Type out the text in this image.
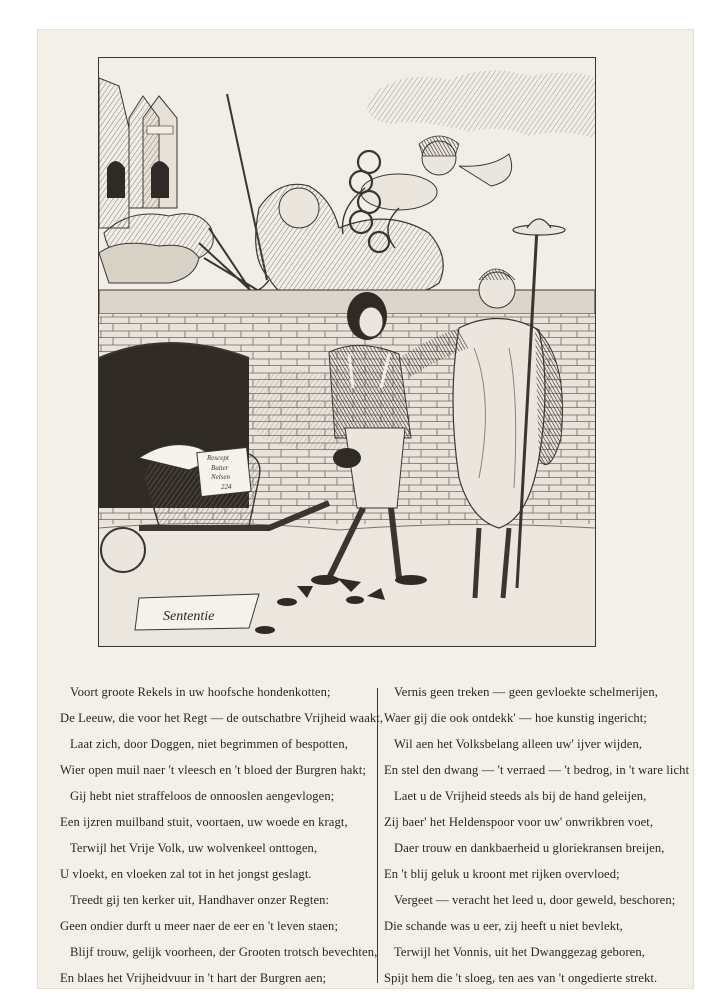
Rescept
Butter
Nelsen
224
Sententie
Voort groote Rekels in uw hoofsche hondenkotten;
De Leeuw, die voor het Regt — de outschatbre Vrijheid waakt,
Laat zich, door Doggen, niet begrimmen of bespotten,
Wier open muil naer 't vleesch en 't bloed der Burgren hakt;
Gij hebt niet straffeloos de onnooslen aengevlogen;
Een ijzren muilband stuit, voortaen, uw woede en kragt,
Terwijl het Vrije Volk, uw wolvenkeel onttogen,
U vloekt, en vloeken zal tot in het jongst geslagt.
Treedt gij ten kerker uit, Handhaver onzer Regten:
Geen ondier durft u meer naer de eer en 't leven staen;
Blijf trouw, gelijk voorheen, der Grooten trotsch bevechten,
En blaes het Vrijheidvuur in 't hart der Burgren aen;
Vernis geen treken — geen gevloekte schelmerijen,
Waer gij die ook ontdekk' — hoe kunstig ingericht;
Wil aen het Volksbelang alleen uw' ijver wijden,
En stel den dwang — 't verraed — 't bedrog, in 't ware licht
Laet u de Vrijheid steeds als bij de hand geleijen,
Zij baer' het Heldenspoor voor uw' onwrikbren voet,
Daer trouw en dankbaerheid u gloriekransen breijen,
En 't blij geluk u kroont met rijken overvloed;
Vergeet — veracht het leed u, door geweld, beschoren;
Die schande was u eer, zij heeft u niet bevlekt,
Terwijl het Vonnis, uit het Dwanggezag geboren,
Spijt hem die 't sloeg, ten aes van 't ongedierte strekt.
